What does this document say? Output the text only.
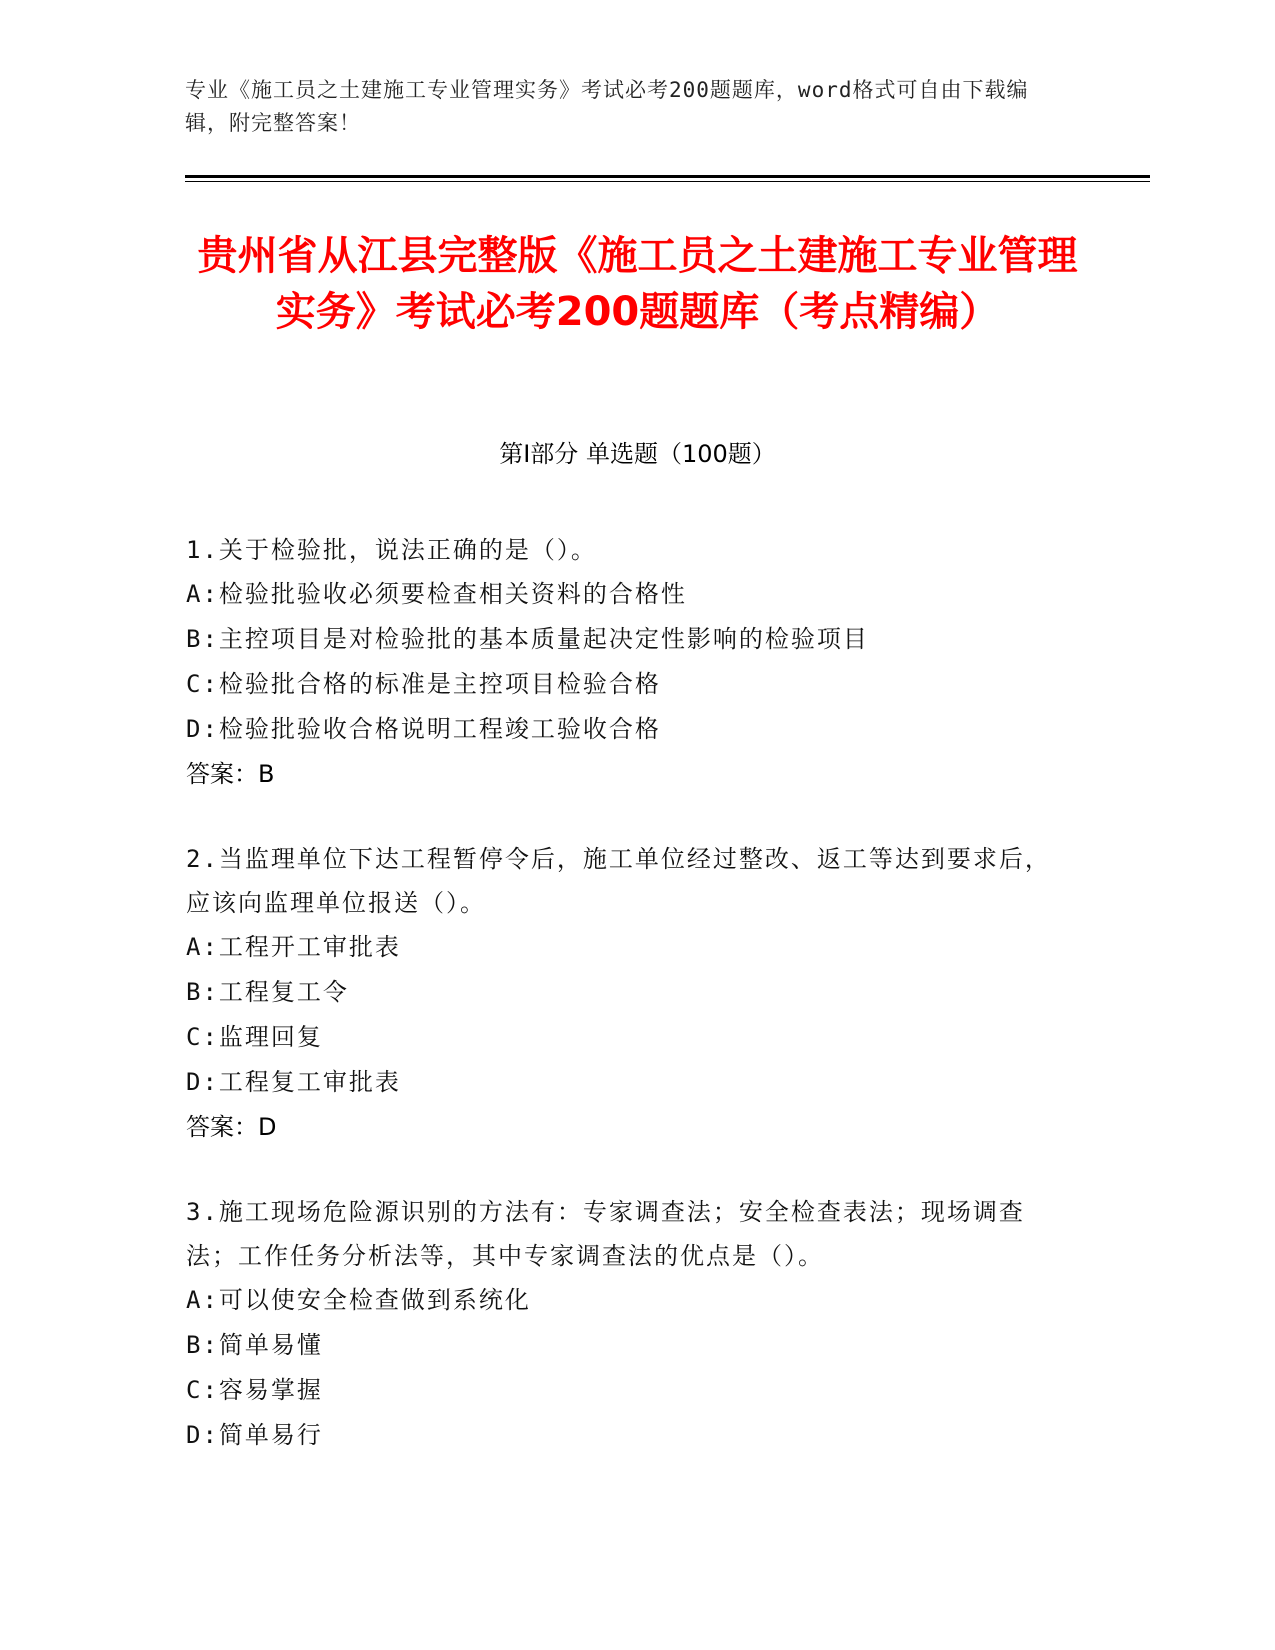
专业《施工员之土建施工专业管理实务》考试必考200题题库，word格式可自由下载编辑，附完整答案！
贵州省从江县完整版《施工员之土建施工专业管理实务》考试必考200题题库（考点精编）
第Ⅰ部分 单选题（100题）
1.关于检验批，说法正确的是（）。
A:检验批验收必须要检查相关资料的合格性
B:主控项目是对检验批的基本质量起决定性影响的检验项目
C:检验批合格的标准是主控项目检验合格
D:检验批验收合格说明工程竣工验收合格
答案：B
2.当监理单位下达工程暂停令后，施工单位经过整改、返工等达到要求后，应该向监理单位报送（）。
A:工程开工审批表
B:工程复工令
C:监理回复
D:工程复工审批表
答案：D
3.施工现场危险源识别的方法有：专家调查法；安全检查表法；现场调查法；工作任务分析法等，其中专家调查法的优点是（）。
A:可以使安全检查做到系统化
B:简单易懂
C:容易掌握
D:简单易行
